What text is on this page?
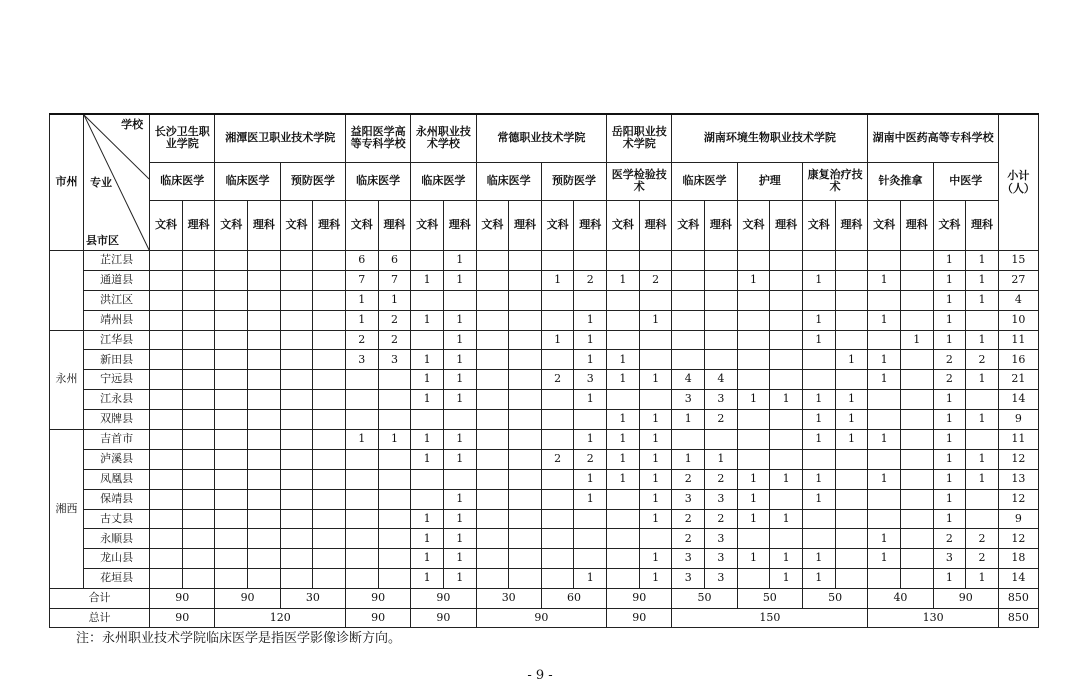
市州	学校
专业
县市区	长沙卫生职业学院		湘潭医卫职业技术学院				益阳医学高等专科学校		永州职业技术学校		常德职业技术学院				岳阳职业技术学院		湖南环境生物职业技术学院						湖南中医药高等专科学校				小计（人）
		临床医学		临床医学		预防医学		临床医学		临床医学		临床医学		预防医学		医学检验技术		临床医学		护理		康复治疗技术		针灸推拿		中医学		
		文科	理科	文科	理科	文科	理科	文科	理科	文科	理科	文科	理科	文科	理科	文科	理科	文科	理科	文科	理科	文科	理科	文科	理科	文科	理科	
	芷江县							6	6		1															1	1	15
	通道县							7	7	1	1			1	2	1	2			1		1		1		1	1	27
	洪江区							1	1																	1	1	4
	靖州县							1	2	1	1				1		1					1		1		1		10
永州	江华县							2	2		1			1	1							1			1	1	1	11
	新田县							3	3	1	1				1	1							1	1		2	2	16
	宁远县									1	1			2	3	1	1	4	4					1		2	1	21
	江永县									1	1				1			3	3	1	1	1	1			1		14
	双牌县															1	1	1	2			1	1			1	1	9
湘西	吉首市							1	1	1	1				1	1	1					1	1	1		1		11
	泸溪县									1	1			2	2	1	1	1	1							1	1	12
	凤凰县														1	1	1	2	2	1	1	1		1		1	1	13
	保靖县										1				1		1	3	3	1		1				1		12
	古丈县									1	1						1	2	2	1	1					1		9
	永顺县									1	1							2	3					1		2	2	12
	龙山县									1	1						1	3	3	1	1	1		1		3	2	18
	花垣县									1	1				1		1	3	3		1	1				1	1	14
合计		90		90		30		90		90		30		60		90		50		50		50		40		90		850
总计		90		120				90		90		90				90		150						130				850
注：永州职业技术学院临床医学是指医学影像诊断方向。
- 9 -
